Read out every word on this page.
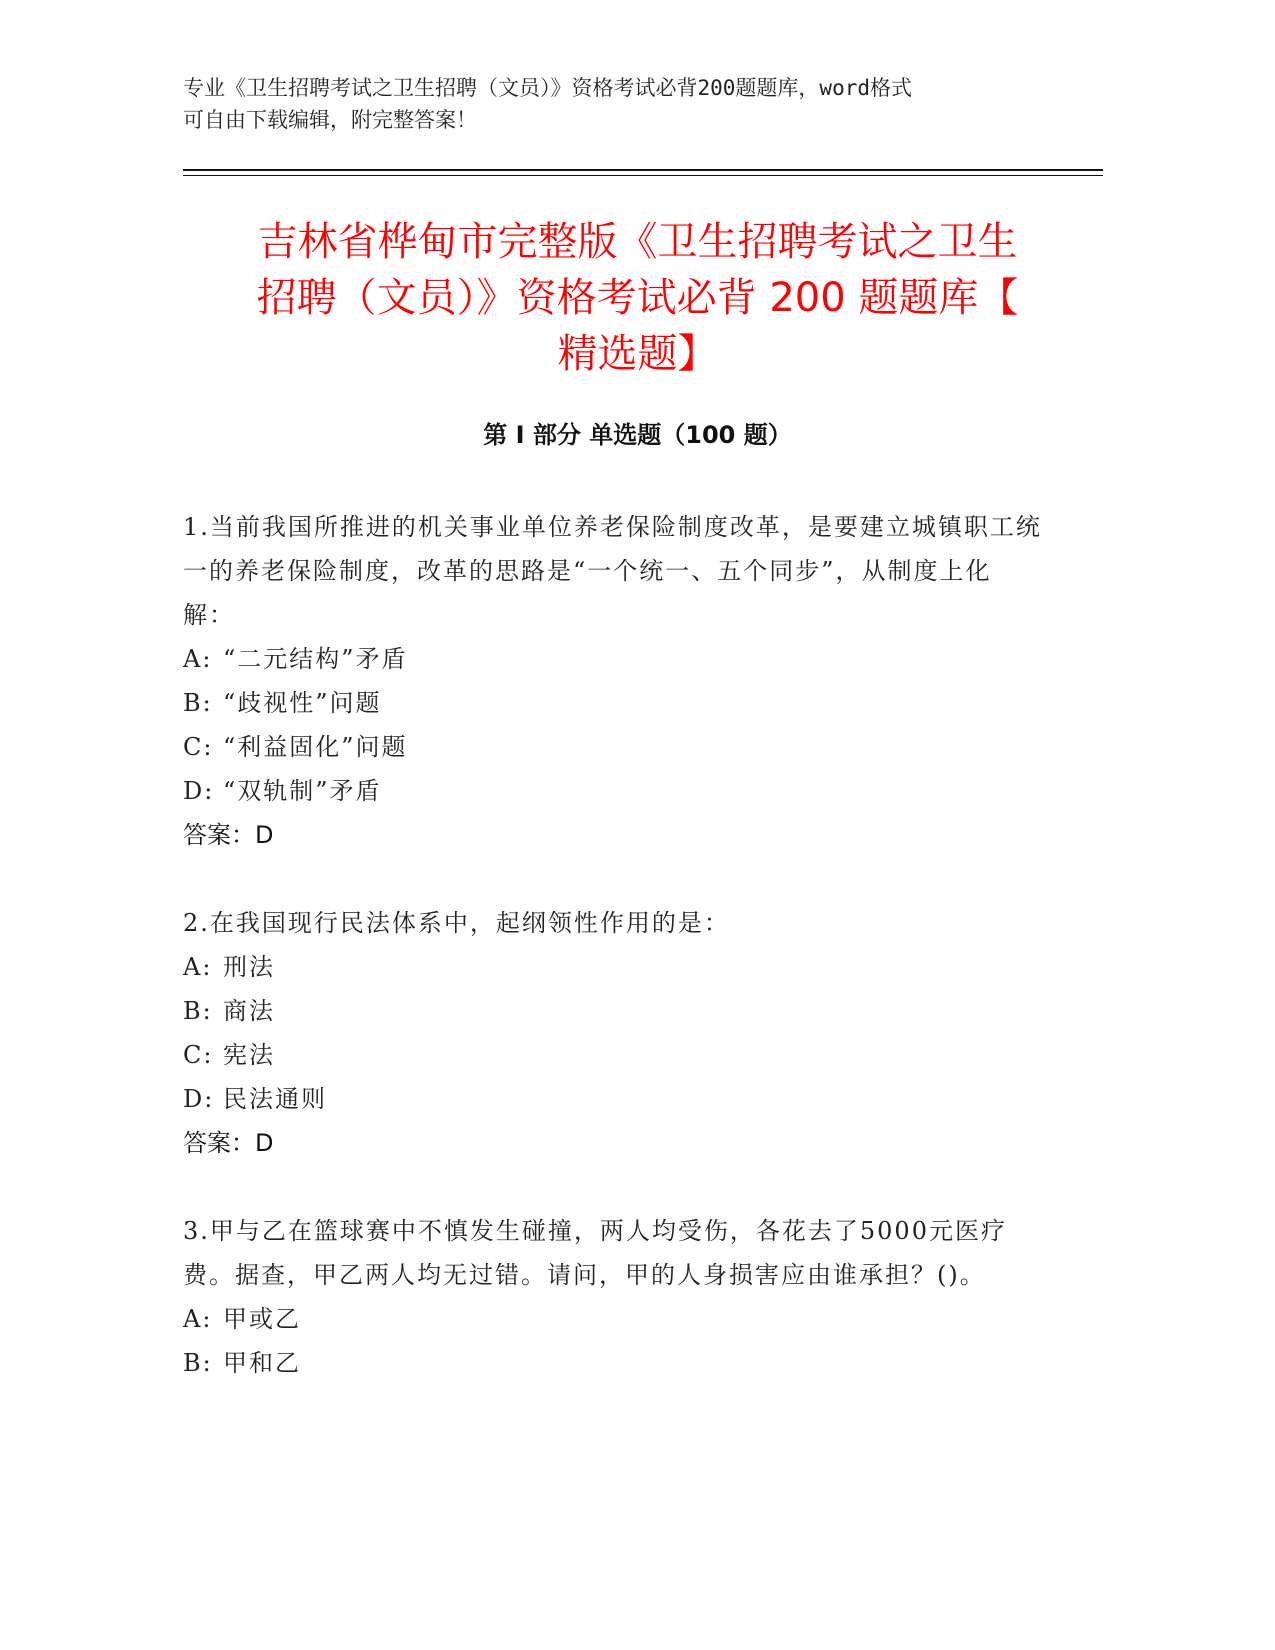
专业《卫生招聘考试之卫生招聘（文员）》资格考试必背200题题库，word格式
可自由下载编辑，附完整答案！
吉林省桦甸市完整版《卫生招聘考试之卫生
招聘（文员）》资格考试必背 200 题题库【
精选题】
第 I 部分 单选题（100 题）

1.当前我国所推进的机关事业单位养老保险制度改革，是要建立城镇职工统一的养老保险制度，改革的思路是“一个统一、五个同步”，从制度上化解：

A: “二元结构”矛盾

B: “歧视性”问题

C: “利益固化”问题

D: “双轨制”矛盾

答案：D

2.在我国现行民法体系中，起纲领性作用的是：

A: 刑法

B: 商法

C: 宪法

D: 民法通则

答案：D

3.甲与乙在篮球赛中不慎发生碰撞，两人均受伤，各花去了5000元医疗费。据查，甲乙两人均无过错。请问，甲的人身损害应由谁承担？()。

A: 甲或乙

B: 甲和乙
